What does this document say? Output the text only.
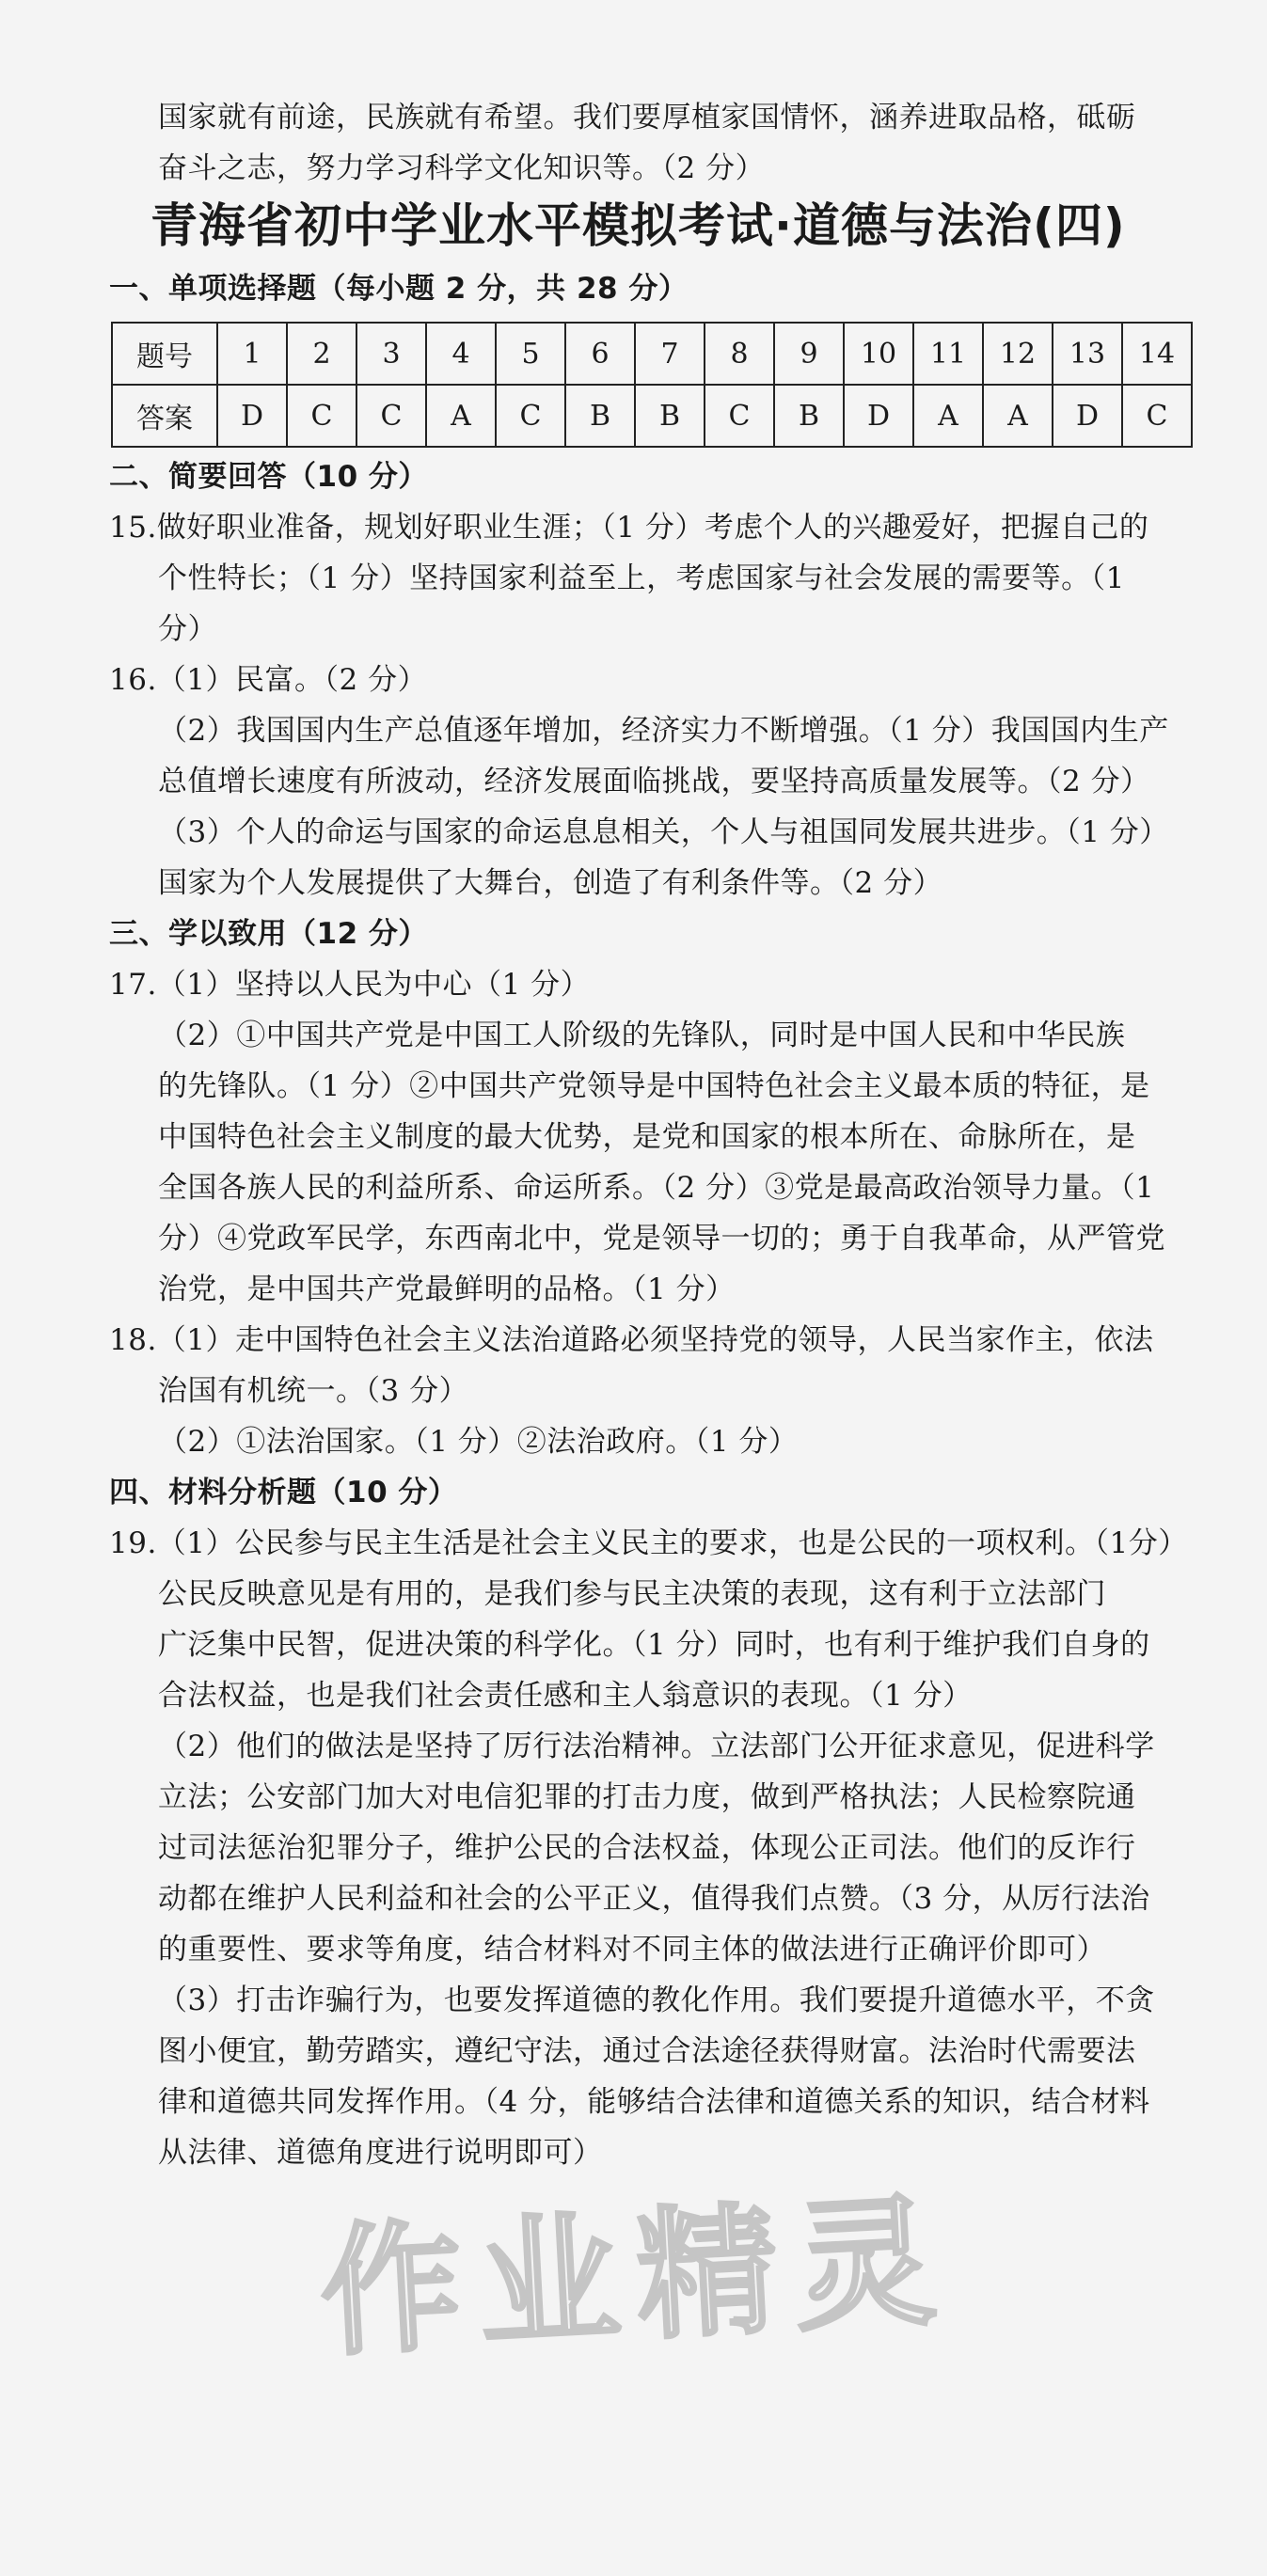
国家就有前途，民族就有希望。我们要厚植家国情怀，涵养进取品格，砥砺

奋斗之志，努力学习科学文化知识等。（2 分）

青海省初中学业水平模拟考试·道德与法治(四)

一、单项选择题（每小题 2 分，共 28 分）

题号	1	2	3	4	5	6	7	8	9	10	11	12	13	14
答案	D	C	C	A	C	B	B	C	B	D	A	A	D	C

二、简要回答（10 分）

15.做好职业准备，规划好职业生涯；（1 分）考虑个人的兴趣爱好，把握自己的

个性特长；（1 分）坚持国家利益至上，考虑国家与社会发展的需要等。（1

分）

16.（1）民富。（2 分）

（2）我国国内生产总值逐年增加，经济实力不断增强。（1 分）我国国内生产

总值增长速度有所波动，经济发展面临挑战，要坚持高质量发展等。（2 分）

（3）个人的命运与国家的命运息息相关，个人与祖国同发展共进步。（1 分）

国家为个人发展提供了大舞台，创造了有利条件等。（2 分）

三、学以致用（12 分）

17.（1）坚持以人民为中心（1 分）

（2）①中国共产党是中国工人阶级的先锋队，同时是中国人民和中华民族

的先锋队。（1 分）②中国共产党领导是中国特色社会主义最本质的特征，是

中国特色社会主义制度的最大优势，是党和国家的根本所在、命脉所在，是

全国各族人民的利益所系、命运所系。（2 分）③党是最高政治领导力量。（1

分）④党政军民学，东西南北中，党是领导一切的；勇于自我革命，从严管党

治党，是中国共产党最鲜明的品格。（1 分）

18.（1）走中国特色社会主义法治道路必须坚持党的领导，人民当家作主，依法

治国有机统一。（3 分）

（2）①法治国家。（1 分）②法治政府。（1 分）

四、材料分析题（10 分）

19.（1）公民参与民主生活是社会主义民主的要求，也是公民的一项权利。（1分）

公民反映意见是有用的，是我们参与民主决策的表现，这有利于立法部门

广泛集中民智，促进决策的科学化。（1 分）同时，也有利于维护我们自身的

合法权益，也是我们社会责任感和主人翁意识的表现。（1 分）

（2）他们的做法是坚持了厉行法治精神。立法部门公开征求意见，促进科学

立法；公安部门加大对电信犯罪的打击力度，做到严格执法；人民检察院通

过司法惩治犯罪分子，维护公民的合法权益，体现公正司法。他们的反诈行

动都在维护人民利益和社会的公平正义，值得我们点赞。（3 分，从厉行法治

的重要性、要求等角度，结合材料对不同主体的做法进行正确评价即可）

（3）打击诈骗行为，也要发挥道德的教化作用。我们要提升道德水平，不贪

图小便宜，勤劳踏实，遵纪守法，通过合法途径获得财富。法治时代需要法

律和道德共同发挥作用。（4 分，能够结合法律和道德关系的知识，结合材料

从法律、道德角度进行说明即可）

作业精灵
